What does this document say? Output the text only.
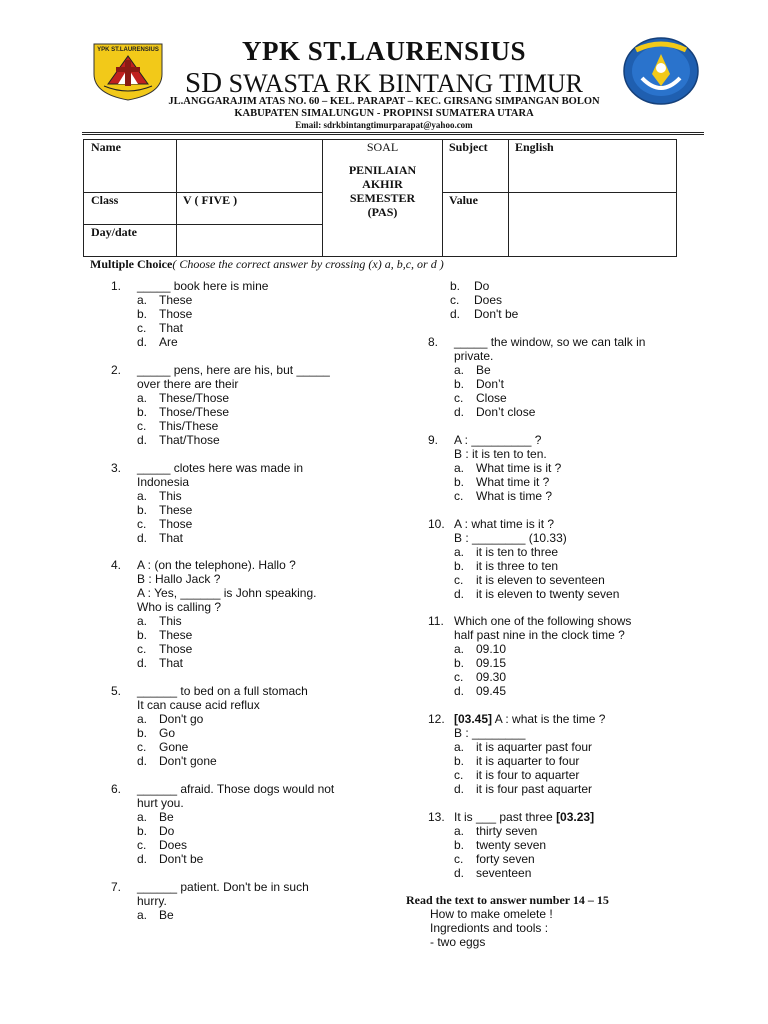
YPK ST.LAURENSIUS	YPK ST.LAURENSIUS
SD SWASTA RK BINTANG TIMUR
JL.ANGGARAJIM ATAS NO. 60 – KEL. PARAPAT – KEC. GIRSANG SIMPANGAN BOLON
KABUPATEN SIMALUNGUN - PROPINSI SUMATERA UTARA
Email: sdrkbintangtimurparapat@yahoo.com
Name
Class	V ( FIVE )
Day/date
SOAL
PENILAIAN
AKHIR
SEMESTER
(PAS)
Subject English
Value
Multiple Choice( Choose the correct answer by crossing (x) a, b,c, or d )
1. _____ book here is mine
a. These
b. Those
c. That
d. Are
2. _____ pens, here are his, but _____
over there are their
a. These/Those
b. Those/These
c. This/These
d. That/Those
3. _____ clotes here was made in
Indonesia
a. This
b. These
c. Those
d. That
4. A : (on the telephone). Hallo ?
B : Hallo Jack ?
A : Yes, ______ is John speaking.
Who is calling ?
a. This
b. These
c. Those
d. That
5. ______ to bed on a full stomach
It can cause acid reflux
a. Don't go
b. Go
c. Gone
d. Don't gone
6. ______ afraid. Those dogs would not
hurt you.
a. Be
b. Do
c. Does
d. Don't be
7. ______ patient. Don't be in such
hurry.
a. Be
b. Do
c. Does
d. Don't be
8. _____ the window, so we can talk in
private.
a. Be
b. Don’t
c. Close
d. Don’t close
9. A : _________ ?
B : it is ten to ten.
a. What time is it ?
b. What time it ?
c. What is time ?
10. A : what time is it ?
B : ________ (10.33)
a. it is ten to three
b. it is three to ten
c. it is eleven to seventeen
d. it is eleven to twenty seven
11. Which one of the following shows
half past nine in the clock time ?
a. 09.10
b. 09.15
c. 09.30
d. 09.45
12. [03.45] A : what is the time ?
B : ________
a. it is aquarter past four
b. it is aquarter to four
c. it is four to aquarter
d. it is four past aquarter
13. It is ___ past three [03.23]
a. thirty seven
b. twenty seven
c. forty seven
d. seventeen
Read the text to answer number 14 – 15
How to make omelete !
Ingredionts and tools :
- two eggs
